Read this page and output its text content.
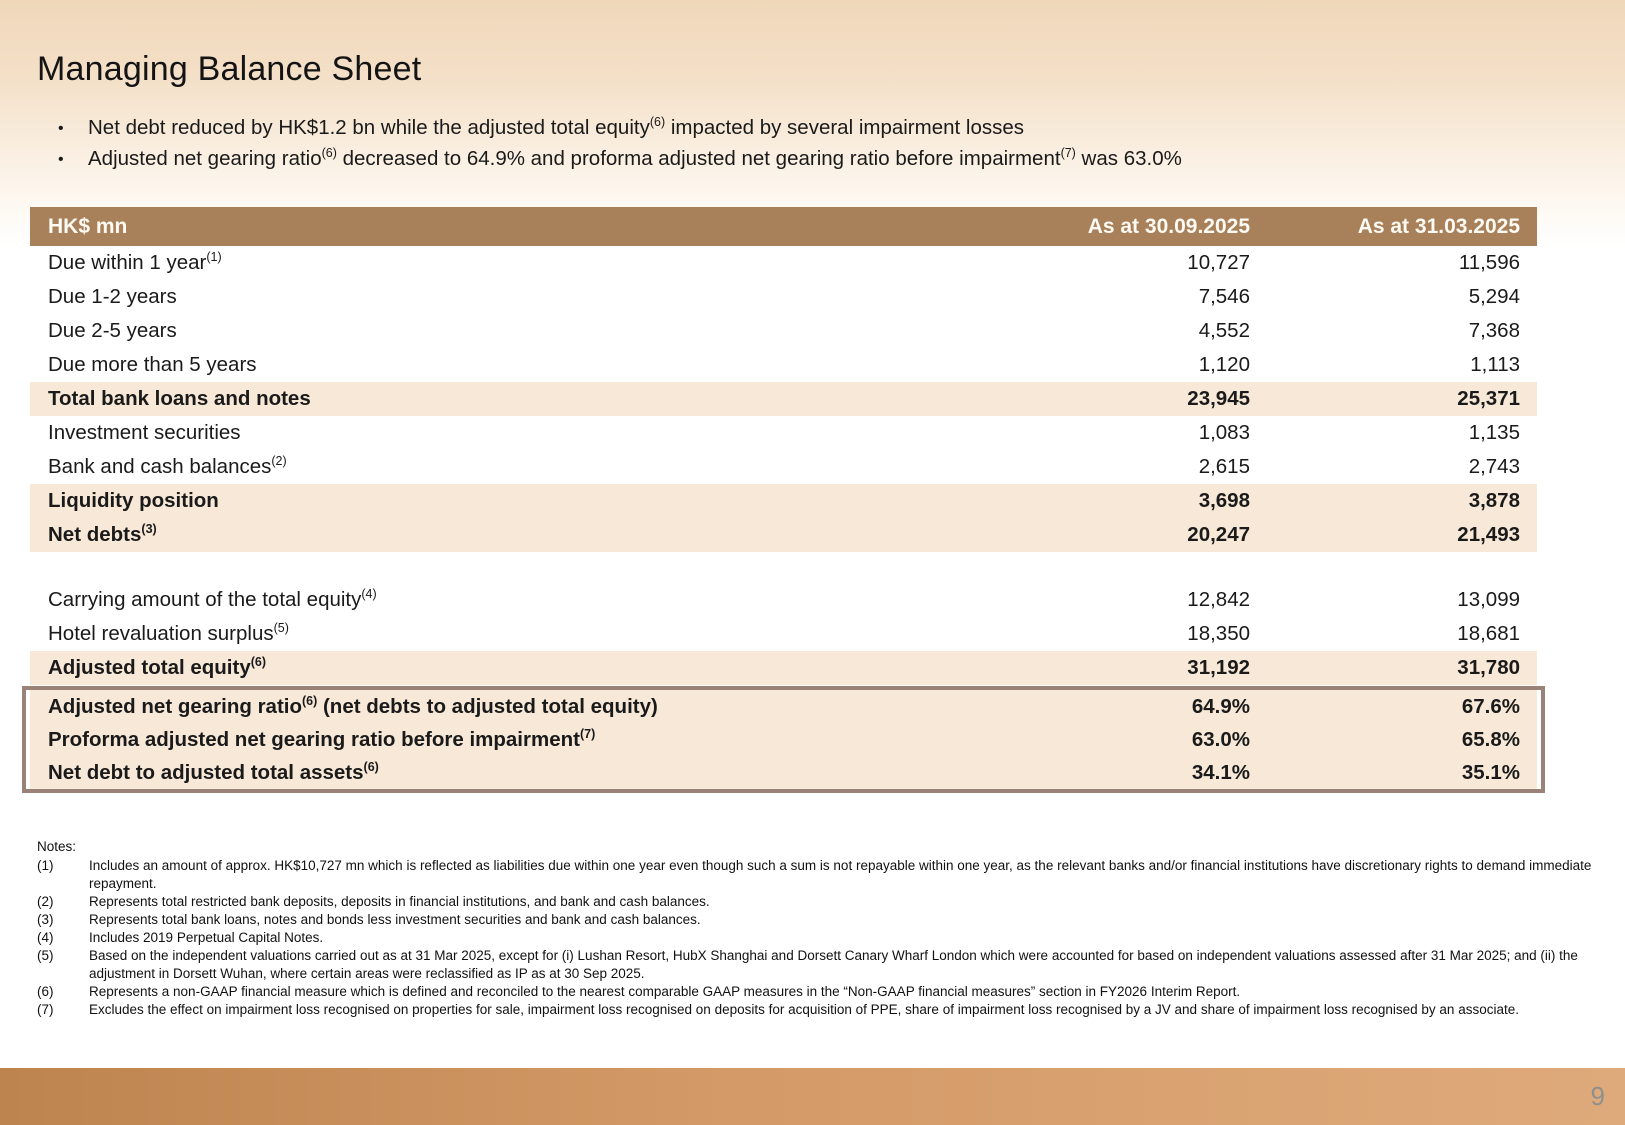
Managing Balance Sheet
•	Net debt reduced by HK$1.2 bn while the adjusted total equity$^{(6)}$ impacted by several impairment losses
•	Adjusted net gearing ratio$^{(6)}$ decreased to 64.9% and proforma adjusted net gearing ratio before impairment$^{(7)}$ was 63.0%
HK$ mn	As at 30.09.2025	As at 31.03.2025
Due within 1 year$^{(1)}$	10,727	11,596
Due 1-2 years	7,546	5,294
Due 2-5 years	4,552	7,368
Due more than 5 years	1,120	1,113
Total bank loans and notes	23,945	25,371
Investment securities	1,083	1,135
Bank and cash balances$^{(2)}$	2,615	2,743
Liquidity position	3,698	3,878
Net debts$^{(3)}$	20,247	21,493
Carrying amount of the total equity$^{(4)}$	12,842	13,099
Hotel revaluation surplus$^{(5)}$	18,350	18,681
Adjusted total equity$^{(6)}$	31,192	31,780
Adjusted net gearing ratio$^{(6)}$ (net debts to adjusted total equity)	64.9%	67.6%
Proforma adjusted net gearing ratio before impairment$^{(7)}$	63.0%	65.8%
Net debt to adjusted total assets$^{(6)}$	34.1%	35.1%
Notes:
(1)	Includes an amount of approx. HK$10,727 mn which is reflected as liabilities due within one year even though such a sum is not repayable within one year, as the relevant banks and/or financial institutions have discretionary rights to demand immediate repayment.
(2)	Represents total restricted bank deposits, deposits in financial institutions, and bank and cash balances.
(3)	Represents total bank loans, notes and bonds less investment securities and bank and cash balances.
(4)	Includes 2019 Perpetual Capital Notes.
(5)	Based on the independent valuations carried out as at 31 Mar 2025, except for (i) Lushan Resort, HubX Shanghai and Dorsett Canary Wharf London which were accounted for based on independent valuations assessed after 31 Mar 2025; and (ii) the adjustment in Dorsett Wuhan, where certain areas were reclassified as IP as at 30 Sep 2025.
(6)	Represents a non-GAAP financial measure which is defined and reconciled to the nearest comparable GAAP measures in the “Non-GAAP financial measures” section in FY2026 Interim Report.
(7)	Excludes the effect on impairment loss recognised on properties for sale, impairment loss recognised on deposits for acquisition of PPE, share of impairment loss recognised by a JV and share of impairment loss recognised by an associate.
9
